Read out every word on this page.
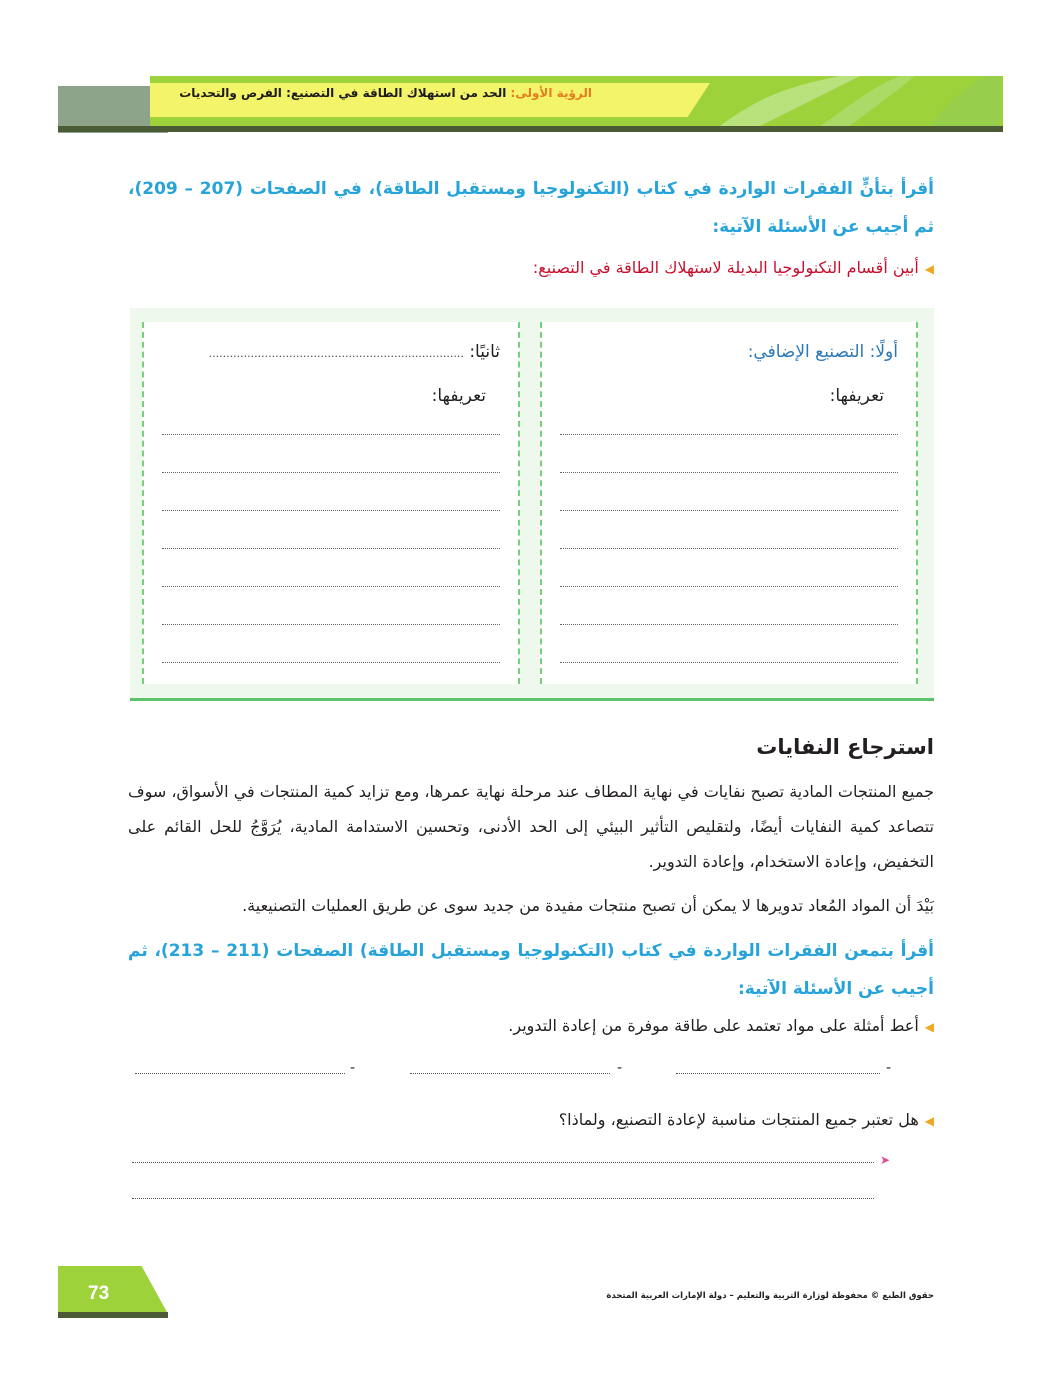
الرؤية الأولى: الحد من استهلاك الطاقة في التصنيع: الفرص والتحديات
أقرأ بتأنٍّ الفقرات الواردة في كتاب (التكنولوجيا ومستقبل الطاقة)، في الصفحات (207 – 209)، ثم أجيب عن الأسئلة الآتية:
◀أبين أقسام التكنولوجيا البديلة لاستهلاك الطاقة في التصنيع:
أولًا: التصنيع الإضافي:
تعريفها:
ثانيًا: .........................................................................
تعريفها:
استرجاع النفايات
جميع المنتجات المادية تصبح نفايات في نهاية المطاف عند مرحلة نهاية عمرها، ومع تزايد كمية المنتجات في الأسواق، سوف تتصاعد كمية النفايات أيضًا، ولتقليص التأثير البيئي إلى الحد الأدنى، وتحسين الاستدامة المادية، يُرَوَّجُ للحل القائم على التخفيض، وإعادة الاستخدام، وإعادة التدوير.
بَيْدَ أن المواد المُعاد تدويرها لا يمكن أن تصبح منتجات مفيدة من جديد سوى عن طريق العمليات التصنيعية.
أقرأ بتمعن الفقرات الواردة في كتاب (التكنولوجيا ومستقبل الطاقة) الصفحات (211 – 213)، ثم أجيب عن الأسئلة الآتية:
◀أعط أمثلة على مواد تعتمد على طاقة موفرة من إعادة التدوير.
-
-
-
◀هل تعتبر جميع المنتجات مناسبة لإعادة التصنيع، ولماذا؟
➤
73	حقوق الطبع © محفوظة لوزارة التربية والتعليم – دولة الإمارات العربية المتحدة
